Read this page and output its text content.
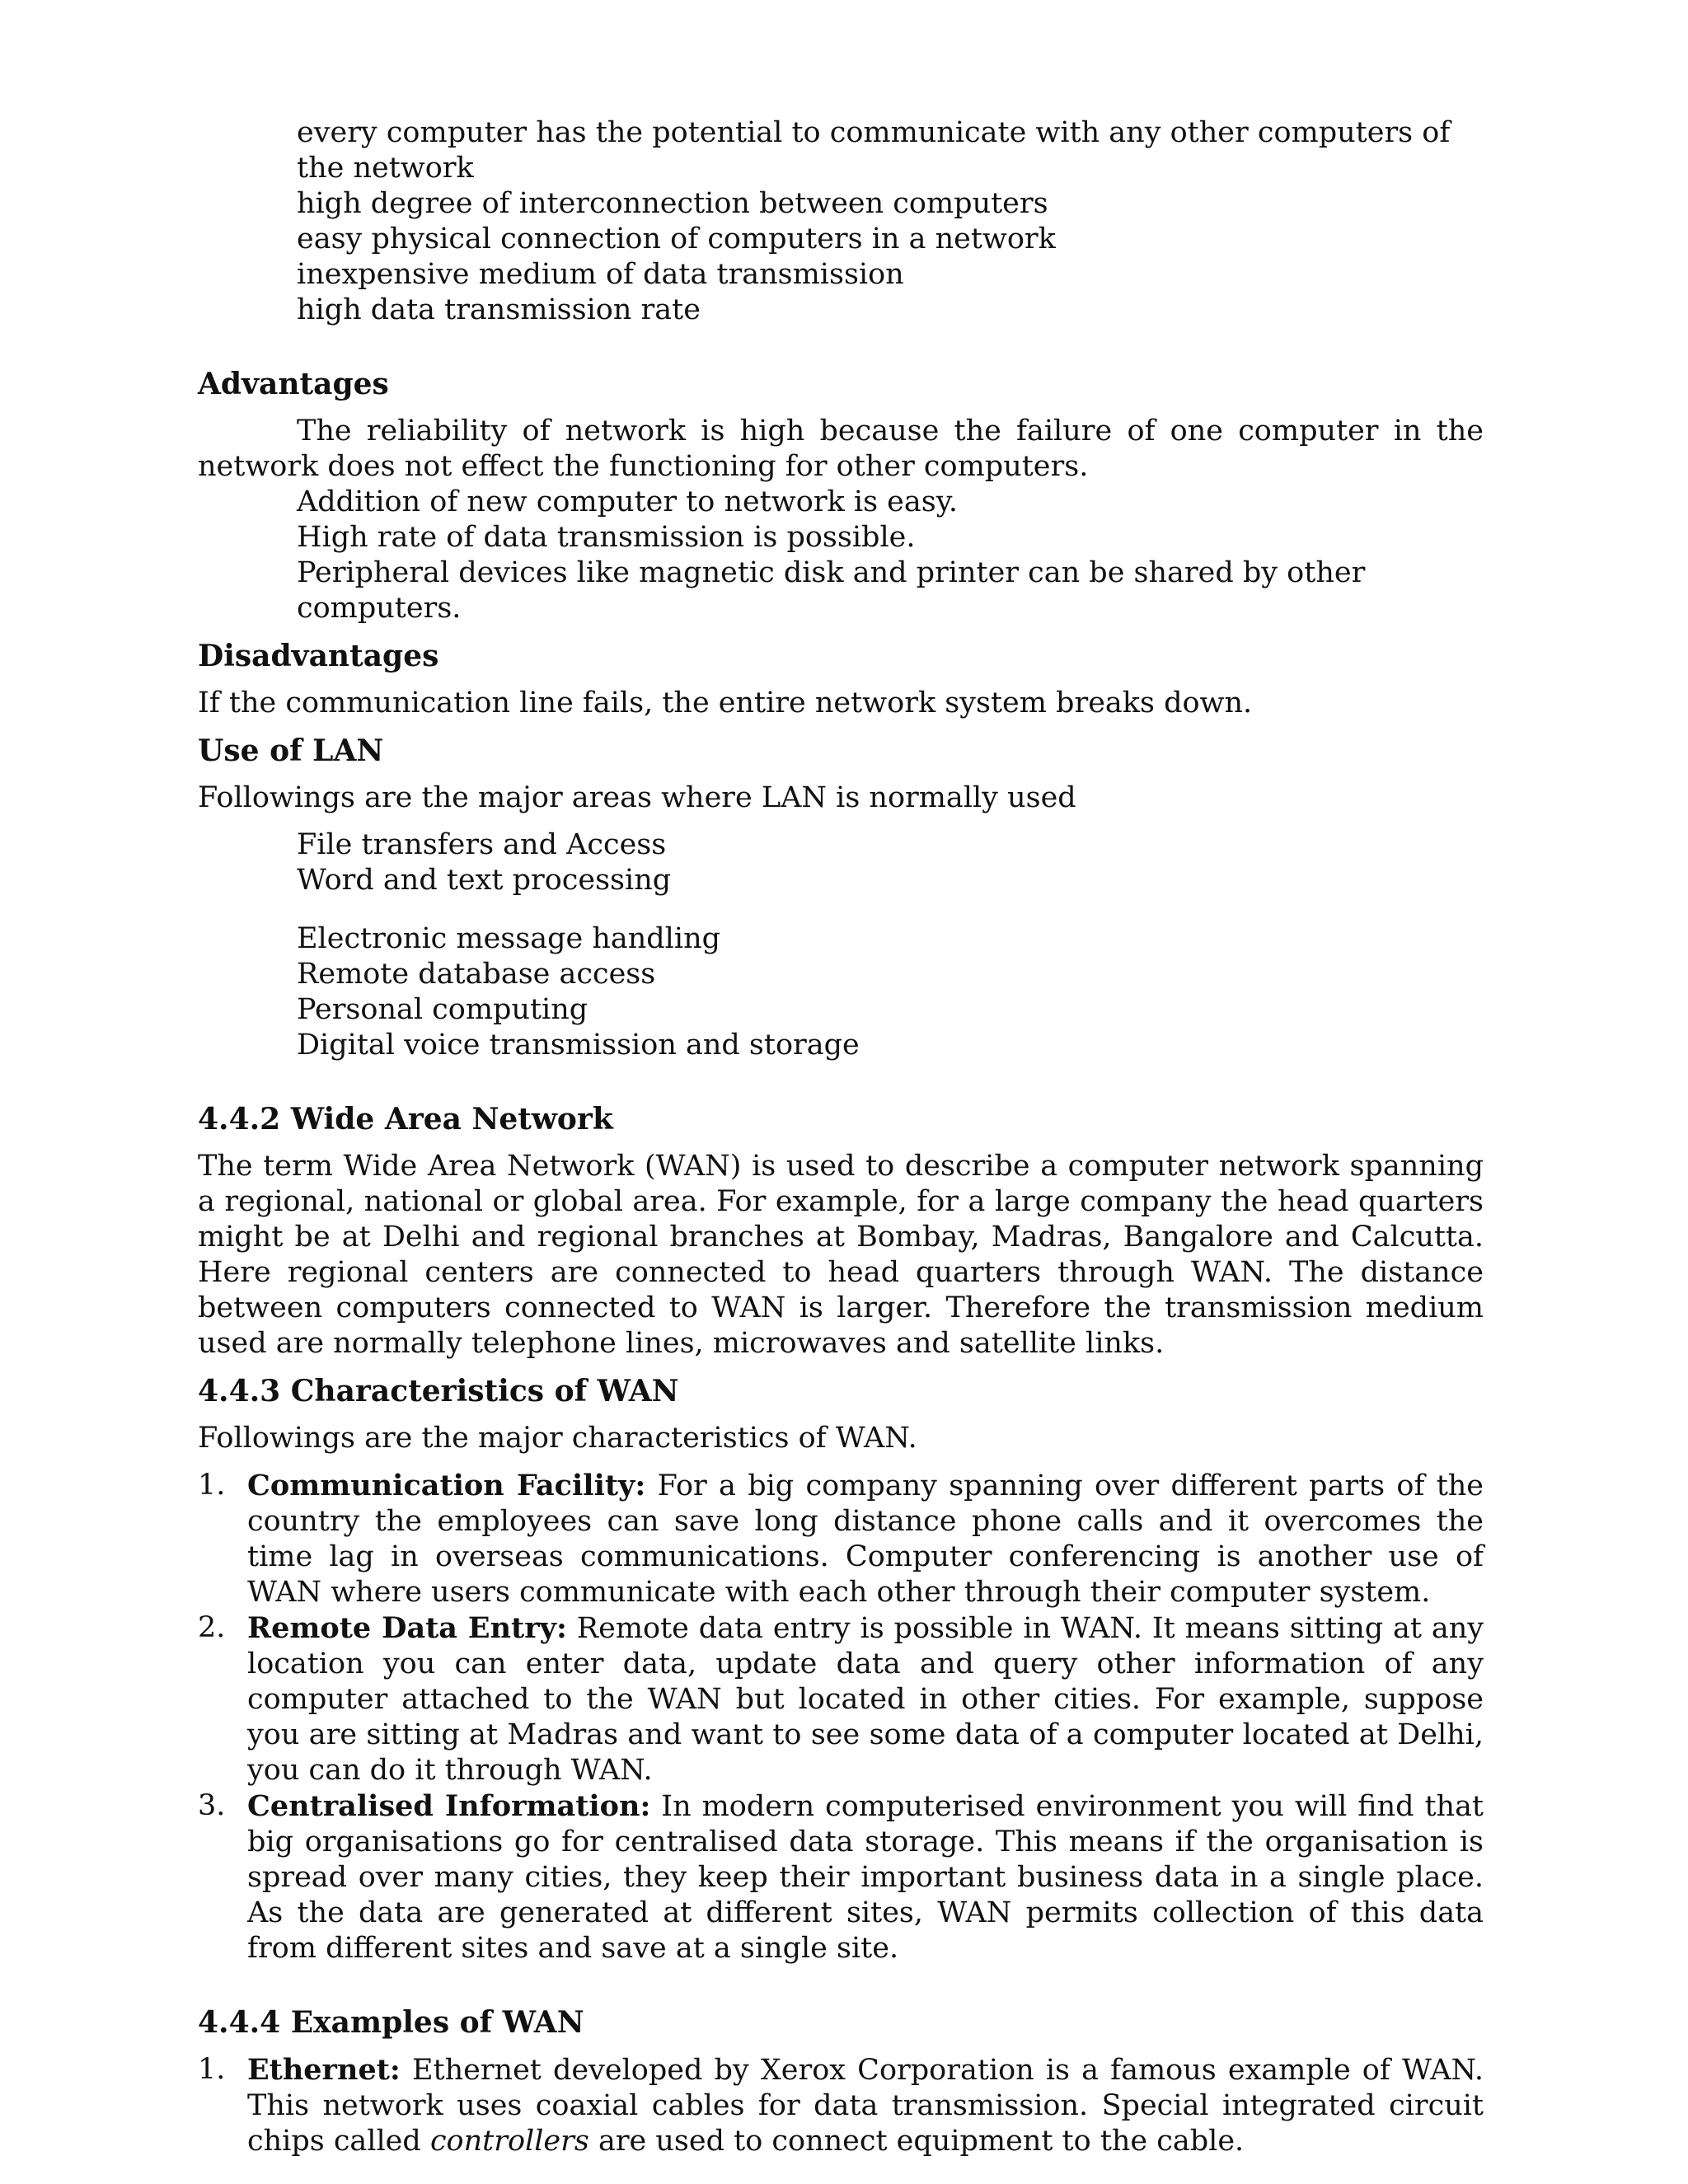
every computer has the potential to communicate with any other computers of the network

high degree of interconnection between computers

easy physical connection of computers in a network

inexpensive medium of data transmission

high data transmission rate

Advantages

The reliability of network is high because the failure of one computer in the network does not effect the functioning for other computers.

Addition of new computer to network is easy.

High rate of data transmission is possible.

Peripheral devices like magnetic disk and printer can be shared by other computers.

Disadvantages

If the communication line fails, the entire network system breaks down.

Use of LAN

Followings are the major areas where LAN is normally used

File transfers and Access

Word and text processing

Electronic message handling

Remote database access

Personal computing

Digital voice transmission and storage

4.4.2 Wide Area Network

The term Wide Area Network (WAN) is used to describe a computer network spanning a regional, national or global area. For example, for a large company the head quarters might be at Delhi and regional branches at Bombay, Madras, Bangalore and Calcutta. Here regional centers are connected to head quarters through WAN. The distance between computers connected to WAN is larger. Therefore the transmission medium used are normally telephone lines, microwaves and satellite links.

4.4.3 Characteristics of WAN

Followings are the major characteristics of WAN.

1. Communication Facility: For a big company spanning over different parts of the country the employees can save long distance phone calls and it overcomes the time lag in overseas communications. Computer conferencing is another use of WAN where users communicate with each other through their computer system.
2. Remote Data Entry: Remote data entry is possible in WAN. It means sitting at any location you can enter data, update data and query other information of any computer attached to the WAN but located in other cities. For example, suppose you are sitting at Madras and want to see some data of a computer located at Delhi, you can do it through WAN.
3. Centralised Information: In modern computerised environment you will find that big organisations go for centralised data storage. This means if the organisation is spread over many cities, they keep their important business data in a single place. As the data are generated at different sites, WAN permits collection of this data from different sites and save at a single site.
4.4.4 Examples of WAN
1. Ethernet: Ethernet developed by Xerox Corporation is a famous example of WAN. This network uses coaxial cables for data transmission. Special integrated circuit chips called controllers are used to connect equipment to the cable.
